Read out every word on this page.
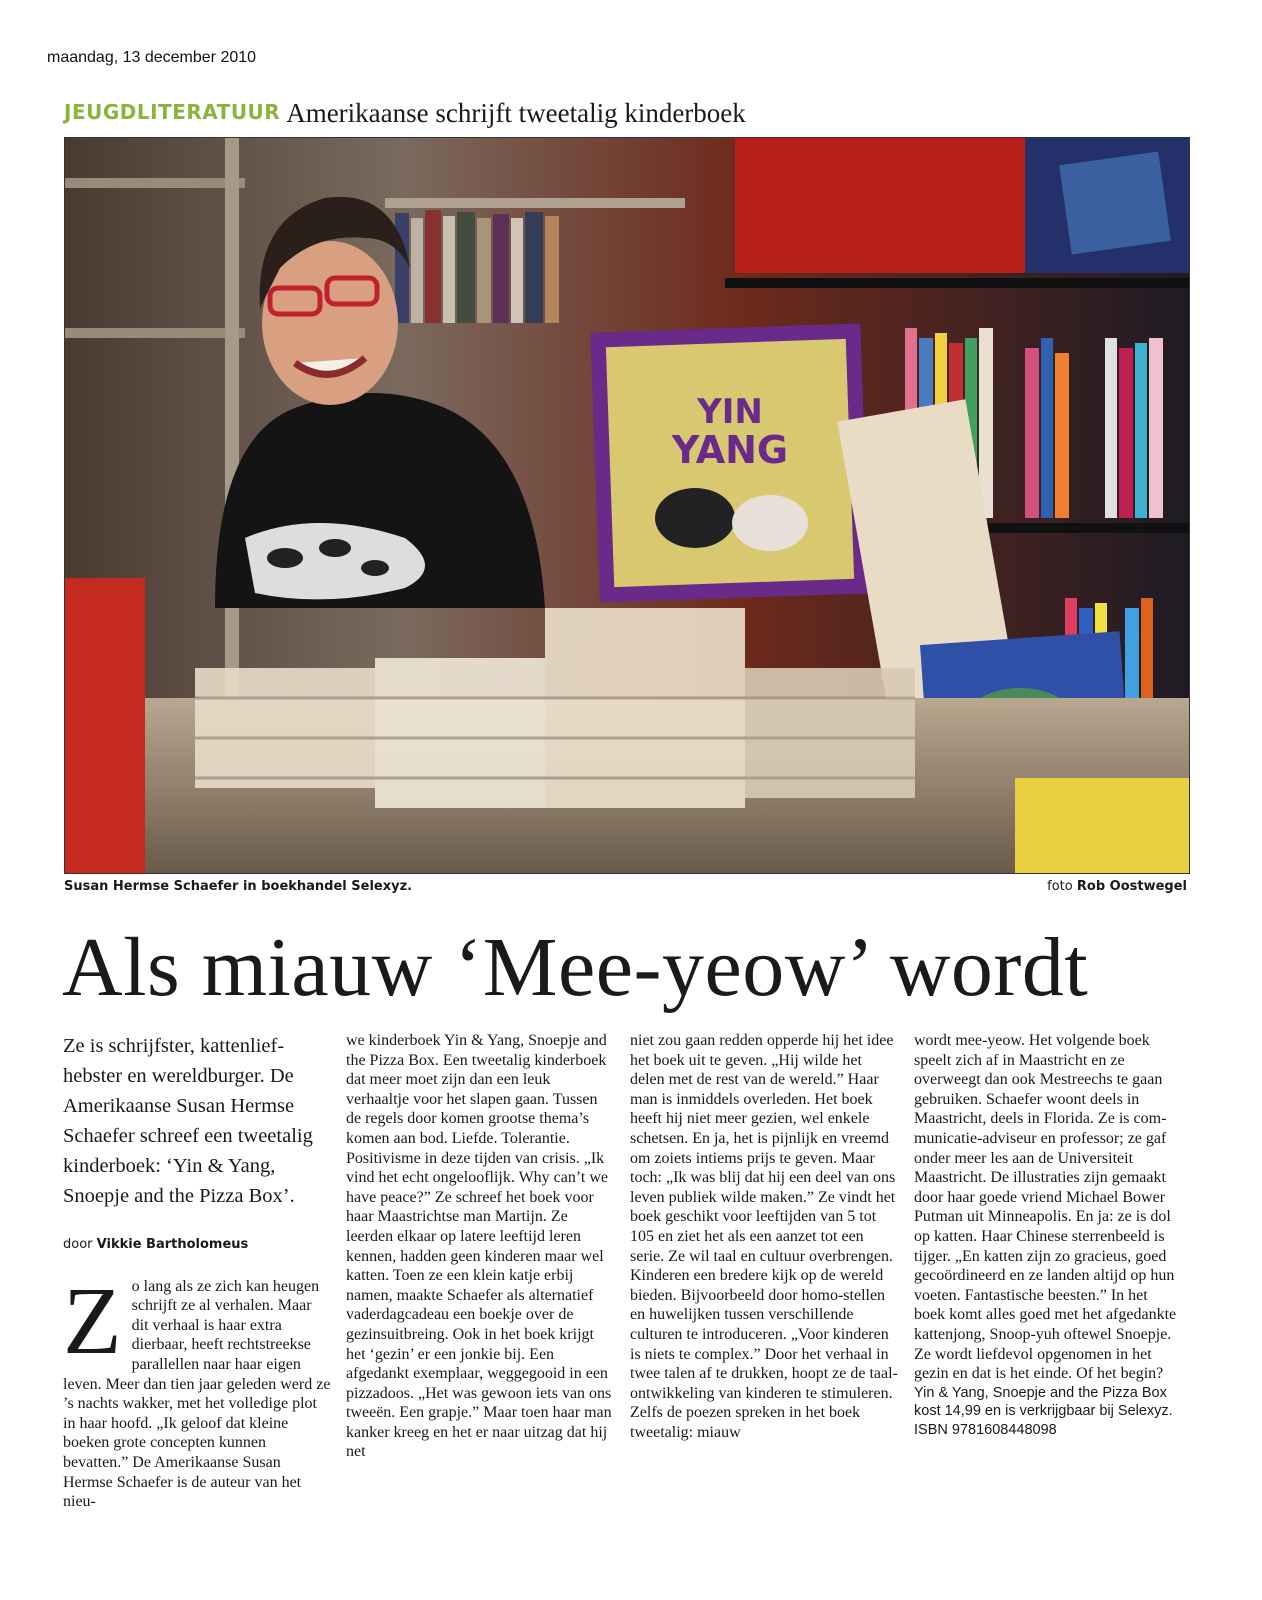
maandag, 13 december 2010
JEUGDLITERATUUR Amerikaanse schrijft tweetalig kinderboek
YIN
YANG
Susan Hermse Schaefer in boekhandel Selexyz.	foto Rob Oostwegel
Als miauw ‘Mee-yeow’ wordt

Ze is schrijfster, kattenliefhebster en wereldburger. De Amerikaanse Susan Hermse Schaefer schreef een tweetalig kinderboek: ‘Yin & Yang, Snoepje and the Pizza Box’.

door Vikkie Bartholomeus
Z o lang als ze zich kan heugen schrijft ze al verhalen. Maar dit verhaal is haar extra dierbaar, heeft rechtstreekse parallellen naar haar eigen leven. Meer dan tien jaar geleden werd ze ’s nachts wakker, met het volledige plot in haar hoofd. „Ik geloof dat kleine boeken grote concepten kunnen bevatten.” De Amerikaanse Susan Hermse Schaefer is de auteur van het nieu-

we kinderboek Yin & Yang, Snoepje and the Pizza Box. Een tweetalig kinderboek dat meer moet zijn dan een leuk verhaaltje voor het slapen gaan. Tussen de regels door komen grootse thema’s komen aan bod. Liefde. Tolerantie. Positivisme in deze tijden van crisis. „Ik vind het echt ongelooflijk. Why can’t we have peace?” Ze schreef het boek voor haar Maastrichtse man Martijn. Ze leerden elkaar op latere leeftijd leren kennen, hadden geen kinderen maar wel katten. Toen ze een klein katje erbij namen, maakte Schaefer als alternatief vaderdagcadeau een boekje over de gezinsuitbreing. Ook in het boek krijgt het ‘gezin’ er een jonkie bij. Een afgedankt exemplaar, weggegooid in een pizzadoos. „Het was gewoon iets van ons tweeën. Een grapje.” Maar toen haar man kanker kreeg en het er naar uitzag dat hij net

niet zou gaan redden opperde hij het idee het boek uit te geven. „Hij wilde het delen met de rest van de wereld.” Haar man is inmiddels overleden. Het boek heeft hij niet meer gezien, wel enkele schetsen. En ja, het is pijnlijk en vreemd om zoiets intiems prijs te geven. Maar toch: „Ik was blij dat hij een deel van ons leven publiek wilde maken.” Ze vindt het boek geschikt voor leeftijden van 5 tot 105 en ziet het als een aanzet tot een serie. Ze wil taal en cultuur overbrengen. Kinderen een bredere kijk op de wereld bieden. Bijvoorbeeld door homo-stellen en huwelijken tussen verschillende culturen te introduceren. „Voor kinderen is niets te complex.” Door het verhaal in twee talen af te drukken, hoopt ze de taalontwikkeling van kinderen te stimuleren. Zelfs de poezen spreken in het boek tweetalig: miauw

wordt mee-yeow. Het volgende boek speelt zich af in Maastricht en ze overweegt dan ook Mestreechs te gaan gebruiken. Schaefer woont deels in Maastricht, deels in Florida. Ze is communicatie-adviseur en professor; ze gaf onder meer les aan de Universiteit Maastricht. De illustraties zijn gemaakt door haar goede vriend Michael Bower Putman uit Minneapolis. En ja: ze is dol op katten. Haar Chinese sterrenbeeld is tijger. „En katten zijn zo gracieus, goed gecoördineerd en ze landen altijd op hun voeten. Fantastische beesten.” In het boek komt alles goed met het afgedankte kattenjong, Snoop-yuh oftewel Snoepje. Ze wordt liefdevol opgenomen in het gezin en dat is het einde. Of het begin?

Yin & Yang, Snoepje and the Pizza Box kost 14,99 en is verkrijgbaar bij Selexyz. ISBN 9781608448098
